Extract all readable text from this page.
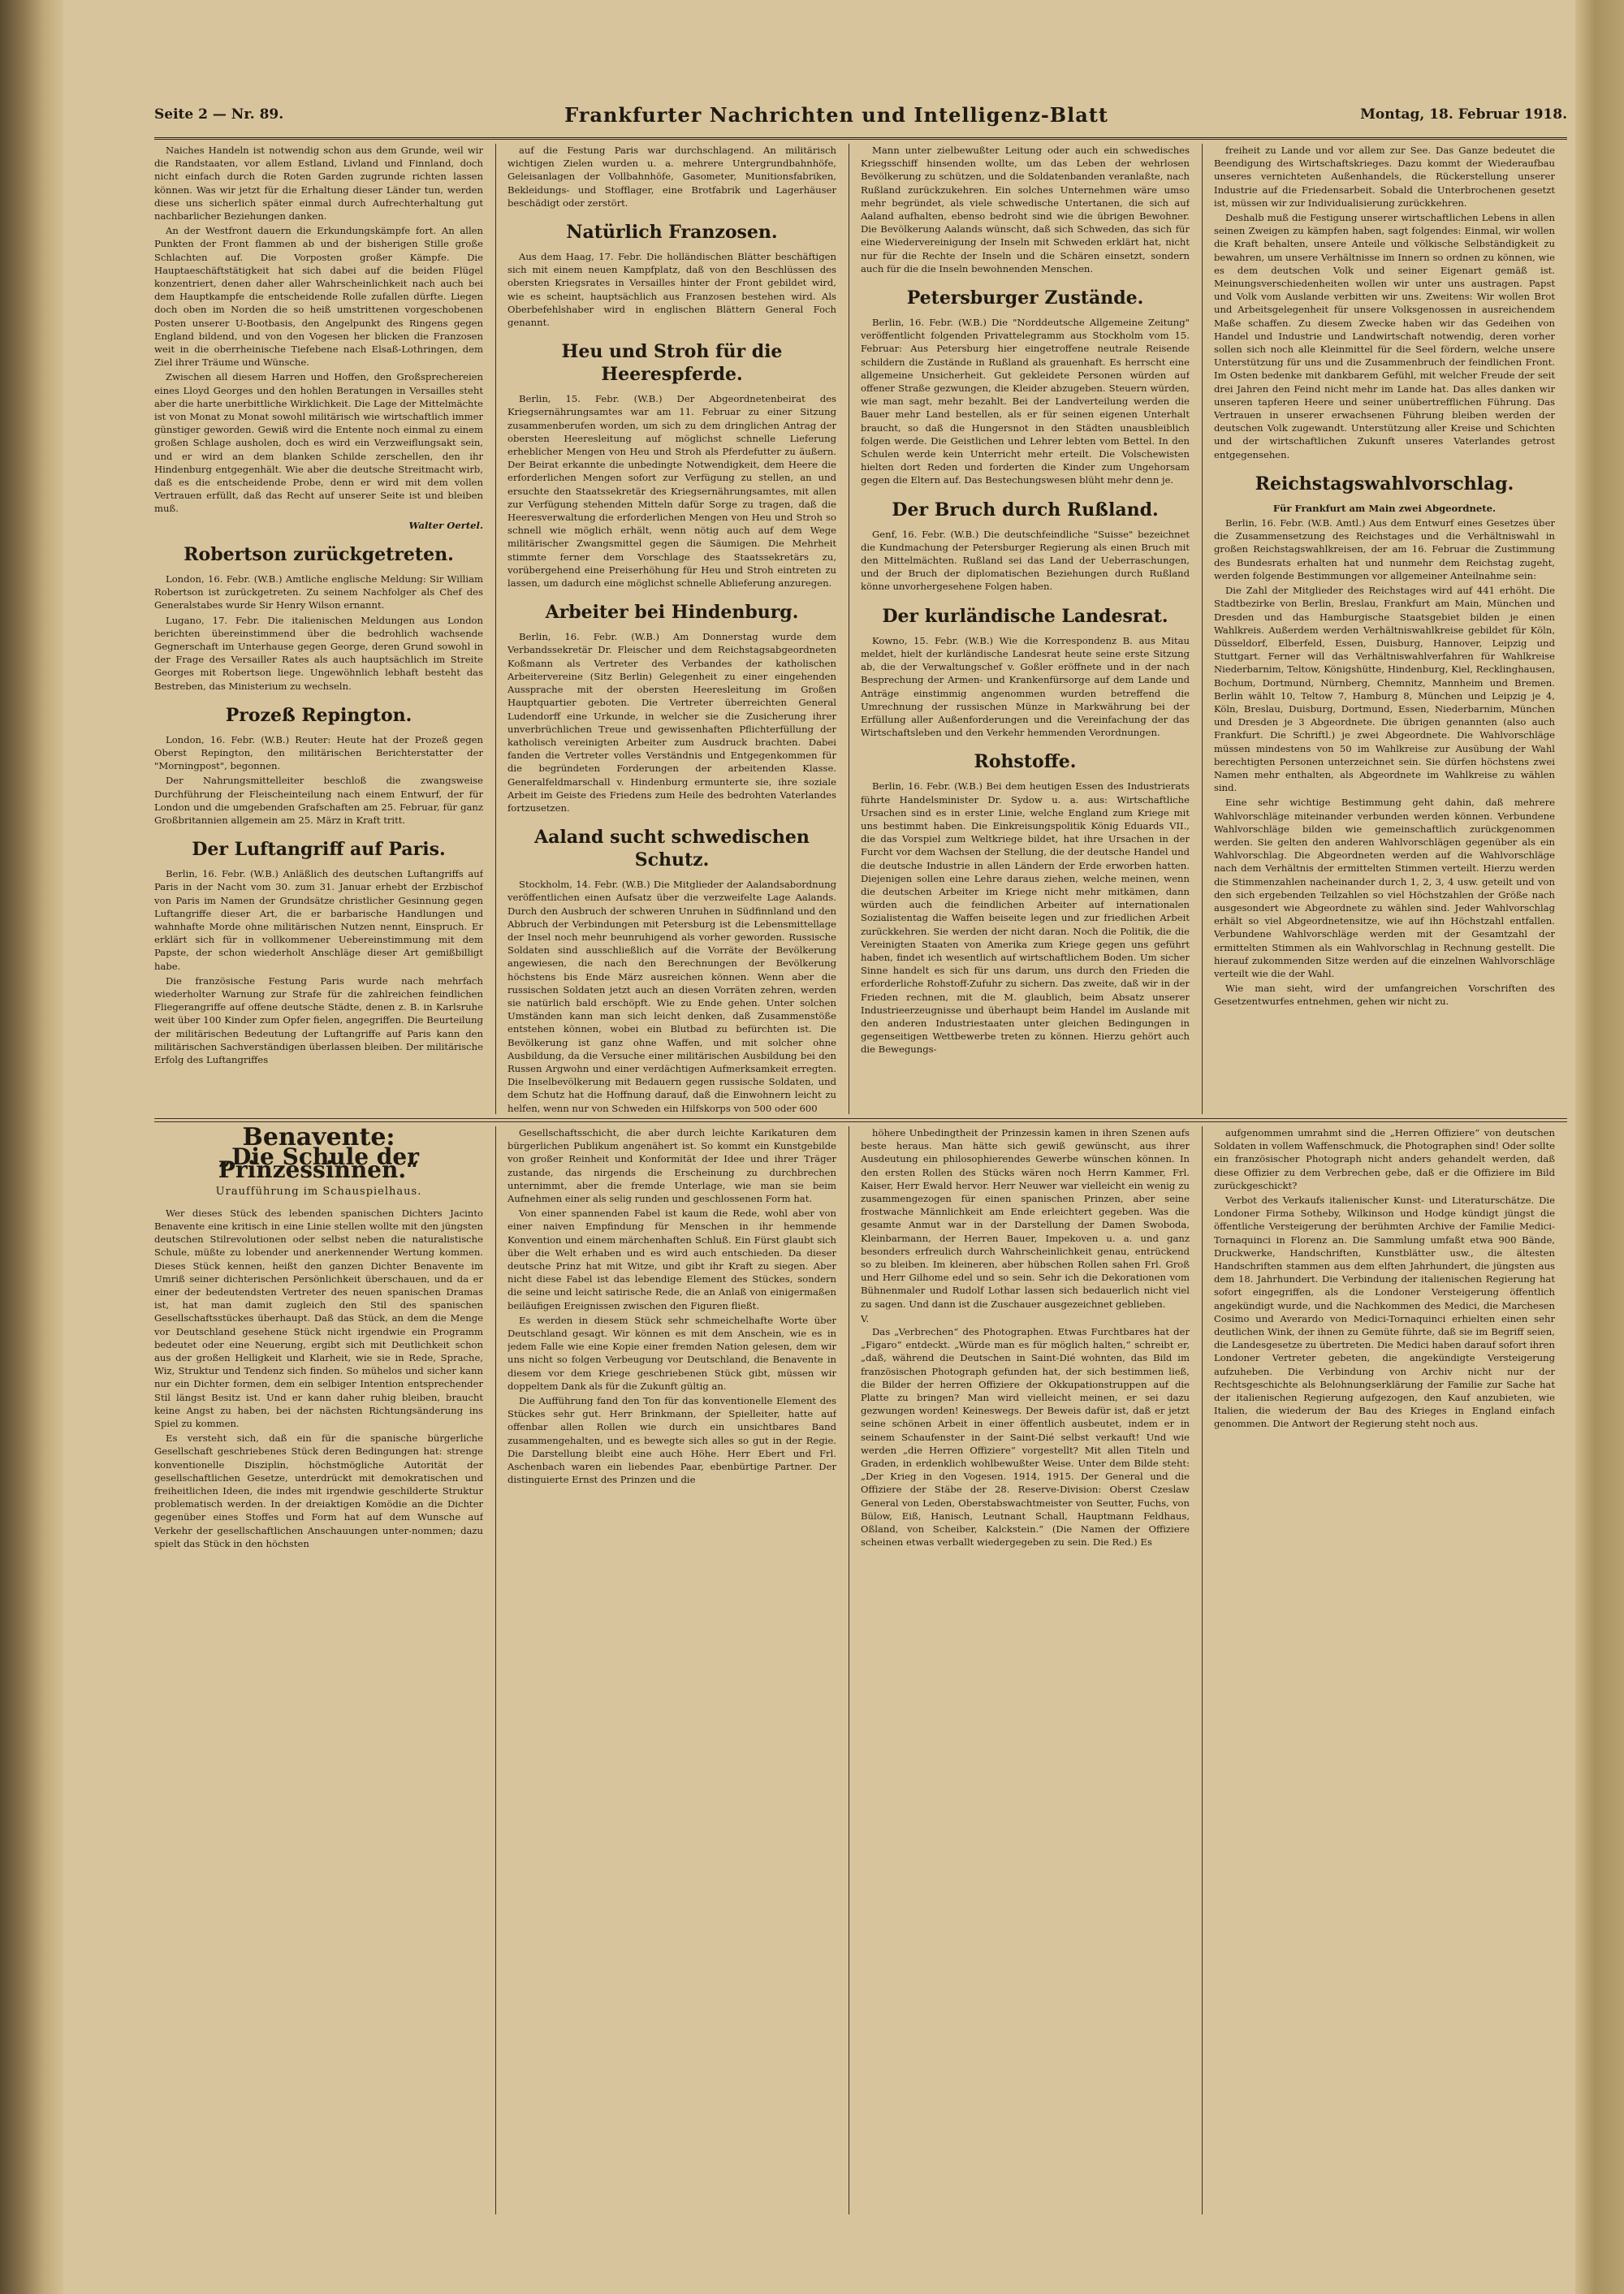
Seite 2 — Nr. 89.	Frankfurter Nachrichten und Intelligenz-Blatt	Montag, 18. Februar 1918.

Naiches Handeln ist notwendig schon aus dem Grunde, weil wir die Randstaaten, vor allem Estland, Livland und Finnland, doch nicht einfach durch die Roten Garden zugrunde richten lassen können. Was wir jetzt für die Erhaltung dieser Länder tun, werden diese uns sicherlich später einmal durch Aufrechterhaltung gut nachbarlicher Beziehungen danken.

An der Westfront dauern die Erkundungskämpfe fort. An allen Punkten der Front flammen ab und der bisherigen Stille große Schlachten auf. Die Vorposten großer Kämpfe. Die Hauptaeschäftstätigkeit hat sich dabei auf die beiden Flügel konzentriert, denen daher aller Wahrscheinlichkeit nach auch bei dem Hauptkampfe die entscheidende Rolle zufallen dürfte. Liegen doch oben im Norden die so heiß umstrittenen vorgeschobenen Posten unserer U-Bootbasis, den Angelpunkt des Ringens gegen England bildend, und von den Vogesen her blicken die Franzosen weit in die oberrheinische Tiefebene nach Elsaß-Lothringen, dem Ziel ihrer Träume und Wünsche.

Zwischen all diesem Harren und Hoffen, den Großsprechereien eines Lloyd Georges und den hohlen Beratungen in Versailles steht aber die harte unerbittliche Wirklichkeit. Die Lage der Mittelmächte ist von Monat zu Monat sowohl militärisch wie wirtschaftlich immer günstiger geworden. Gewiß wird die Entente noch einmal zu einem großen Schlage ausholen, doch es wird ein Verzweiflungsakt sein, und er wird an dem blanken Schilde zerschellen, den ihr Hindenburg entgegenhält. Wie aber die deutsche Streitmacht wirb, daß es die entscheidende Probe, denn er wird mit dem vollen Vertrauen erfüllt, daß das Recht auf unserer Seite ist und bleiben muß.

Walter Oertel.
Robertson zurückgetreten.

London, 16. Febr. (W.B.) Amtliche englische Meldung: Sir William Robertson ist zurückgetreten. Zu seinem Nachfolger als Chef des Generalstabes wurde Sir Henry Wilson ernannt.

Lugano, 17. Febr. Die italienischen Meldungen aus London berichten übereinstimmend über die bedrohlich wachsende Gegnerschaft im Unterhause gegen George, deren Grund sowohl in der Frage des Versailler Rates als auch hauptsächlich im Streite Georges mit Robertson liege. Ungewöhnlich lebhaft besteht das Bestreben, das Ministerium zu wechseln.

Prozeß Repington.

London, 16. Febr. (W.B.) Reuter: Heute hat der Prozeß gegen Oberst Repington, den militärischen Berichterstatter der "Morningpost", begonnen.

Der Nahrungsmittelleiter beschloß die zwangsweise Durchführung der Fleischeinteilung nach einem Entwurf, der für London und die umgebenden Grafschaften am 25. Februar, für ganz Großbritannien allgemein am 25. März in Kraft tritt.

Der Luftangriff auf Paris.

Berlin, 16. Febr. (W.B.) Anläßlich des deutschen Luftangriffs auf Paris in der Nacht vom 30. zum 31. Januar erhebt der Erzbischof von Paris im Namen der Grundsätze christlicher Gesinnung gegen Luftangriffe dieser Art, die er barbarische Handlungen und wahnhafte Morde ohne militärischen Nutzen nennt, Einspruch. Er erklärt sich für in vollkommener Uebereinstimmung mit dem Papste, der schon wiederholt Anschläge dieser Art gemißbilligt habe.

Die französische Festung Paris wurde nach mehrfach wiederholter Warnung zur Strafe für die zahlreichen feindlichen Fliegerangriffe auf offene deutsche Städte, denen z. B. in Karlsruhe weit über 100 Kinder zum Opfer fielen, angegriffen. Die Beurteilung der militärischen Bedeutung der Luftangriffe auf Paris kann den militärischen Sachverständigen überlassen bleiben. Der militärische Erfolg des Luftangriffes

auf die Festung Paris war durchschlagend. An militärisch wichtigen Zielen wurden u. a. mehrere Untergrundbahnhöfe, Geleisanlagen der Vollbahnhöfe, Gasometer, Munitionsfabriken, Bekleidungs- und Stofflager, eine Brotfabrik und Lagerhäuser beschädigt oder zerstört.

Natürlich Franzosen.

Aus dem Haag, 17. Febr. Die holländischen Blätter beschäftigen sich mit einem neuen Kampfplatz, daß von den Beschlüssen des obersten Kriegsrates in Versailles hinter der Front gebildet wird, wie es scheint, hauptsächlich aus Franzosen bestehen wird. Als Oberbefehlshaber wird in englischen Blättern General Foch genannt.

Heu und Stroh für die Heerespferde.

Berlin, 15. Febr. (W.B.) Der Abgeordnetenbeirat des Kriegsernährungsamtes war am 11. Februar zu einer Sitzung zusammenberufen worden, um sich zu dem dringlichen Antrag der obersten Heeresleitung auf möglichst schnelle Lieferung erheblicher Mengen von Heu und Stroh als Pferdefutter zu äußern. Der Beirat erkannte die unbedingte Notwendigkeit, dem Heere die erforderlichen Mengen sofort zur Verfügung zu stellen, an und ersuchte den Staatssekretär des Kriegsernährungsamtes, mit allen zur Verfügung stehenden Mitteln dafür Sorge zu tragen, daß die Heeresverwaltung die erforderlichen Mengen von Heu und Stroh so schnell wie möglich erhält, wenn nötig auch auf dem Wege militärischer Zwangsmittel gegen die Säumigen. Die Mehrheit stimmte ferner dem Vorschlage des Staatssekretärs zu, vorübergehend eine Preiserhöhung für Heu und Stroh eintreten zu lassen, um dadurch eine möglichst schnelle Ablieferung anzuregen.

Arbeiter bei Hindenburg.

Berlin, 16. Febr. (W.B.) Am Donnerstag wurde dem Verbandssekretär Dr. Fleischer und dem Reichstagsabgeordneten Koßmann als Vertreter des Verbandes der katholischen Arbeitervereine (Sitz Berlin) Gelegenheit zu einer eingehenden Aussprache mit der obersten Heeresleitung im Großen Hauptquartier geboten. Die Vertreter überreichten General Ludendorff eine Urkunde, in welcher sie die Zusicherung ihrer unverbrüchlichen Treue und gewissenhaften Pflichterfüllung der katholisch vereinigten Arbeiter zum Ausdruck brachten. Dabei fanden die Vertreter volles Verständnis und Entgegenkommen für die begründeten Forderungen der arbeitenden Klasse. Generalfeldmarschall v. Hindenburg ermunterte sie, ihre soziale Arbeit im Geiste des Friedens zum Heile des bedrohten Vaterlandes fortzusetzen.

Aaland sucht schwedischen Schutz.

Stockholm, 14. Febr. (W.B.) Die Mitglieder der Aalandsabordnung veröffentlichen einen Aufsatz über die verzweifelte Lage Aalands. Durch den Ausbruch der schweren Unruhen in Südfinnland und den Abbruch der Verbindungen mit Petersburg ist die Lebensmittellage der Insel noch mehr beunruhigend als vorher geworden. Russische Soldaten sind ausschließlich auf die Vorräte der Bevölkerung angewiesen, die nach den Berechnungen der Bevölkerung höchstens bis Ende März ausreichen können. Wenn aber die russischen Soldaten jetzt auch an diesen Vorräten zehren, werden sie natürlich bald erschöpft. Wie zu Ende gehen. Unter solchen Umständen kann man sich leicht denken, daß Zusammenstöße entstehen können, wobei ein Blutbad zu befürchten ist. Die Bevölkerung ist ganz ohne Waffen, und mit solcher ohne Ausbildung, da die Versuche einer militärischen Ausbildung bei den Russen Argwohn und einer verdächtigen Aufmerksamkeit erregten. Die Inselbevölkerung mit Bedauern gegen russische Soldaten, und dem Schutz hat die Hoffnung darauf, daß die Einwohnern leicht zu helfen, wenn nur von Schweden ein Hilfskorps von 500 oder 600

Mann unter zielbewußter Leitung oder auch ein schwedisches Kriegsschiff hinsenden wollte, um das Leben der wehrlosen Bevölkerung zu schützen, und die Soldatenbanden veranlaßte, nach Rußland zurückzukehren. Ein solches Unternehmen wäre umso mehr begründet, als viele schwedische Untertanen, die sich auf Aaland aufhalten, ebenso bedroht sind wie die übrigen Bewohner. Die Bevölkerung Aalands wünscht, daß sich Schweden, das sich für eine Wiedervereinigung der Inseln mit Schweden erklärt hat, nicht nur für die Rechte der Inseln und die Schären einsetzt, sondern auch für die die Inseln bewohnenden Menschen.

Petersburger Zustände.

Berlin, 16. Febr. (W.B.) Die "Norddeutsche Allgemeine Zeitung" veröffentlicht folgenden Privattelegramm aus Stockholm vom 15. Februar: Aus Petersburg hier eingetroffene neutrale Reisende schildern die Zustände in Rußland als grauenhaft. Es herrscht eine allgemeine Unsicherheit. Gut gekleidete Personen würden auf offener Straße gezwungen, die Kleider abzugeben. Steuern würden, wie man sagt, mehr bezahlt. Bei der Landverteilung werden die Bauer mehr Land bestellen, als er für seinen eigenen Unterhalt braucht, so daß die Hungersnot in den Städten unausbleiblich folgen werde. Die Geistlichen und Lehrer lebten vom Bettel. In den Schulen werde kein Unterricht mehr erteilt. Die Volschewisten hielten dort Reden und forderten die Kinder zum Ungehorsam gegen die Eltern auf. Das Bestechungswesen blüht mehr denn je.

Der Bruch durch Rußland.

Genf, 16. Febr. (W.B.) Die deutschfeindliche "Suisse" bezeichnet die Kundmachung der Petersburger Regierung als einen Bruch mit den Mittelmächten. Rußland sei das Land der Ueberraschungen, und der Bruch der diplomatischen Beziehungen durch Rußland könne unvorhergesehene Folgen haben.

Der kurländische Landesrat.

Kowno, 15. Febr. (W.B.) Wie die Korrespondenz B. aus Mitau meldet, hielt der kurländische Landesrat heute seine erste Sitzung ab, die der Verwaltungschef v. Goßler eröffnete und in der nach Besprechung der Armen- und Krankenfürsorge auf dem Lande und Anträge einstimmig angenommen wurden betreffend die Umrechnung der russischen Münze in Markwährung bei der Erfüllung aller Außenforderungen und die Vereinfachung der das Wirtschaftsleben und den Verkehr hemmenden Verordnungen.

Rohstoffe.

Berlin, 16. Febr. (W.B.) Bei dem heutigen Essen des Industrierats führte Handelsminister Dr. Sydow u. a. aus: Wirtschaftliche Ursachen sind es in erster Linie, welche England zum Kriege mit uns bestimmt haben. Die Einkreisungspolitik König Eduards VII., die das Vorspiel zum Weltkriege bildet, hat ihre Ursachen in der Furcht vor dem Wachsen der Stellung, die der deutsche Handel und die deutsche Industrie in allen Ländern der Erde erworben hatten. Diejenigen sollen eine Lehre daraus ziehen, welche meinen, wenn die deutschen Arbeiter im Kriege nicht mehr mitkämen, dann würden auch die feindlichen Arbeiter auf internationalen Sozialistentag die Waffen beiseite legen und zur friedlichen Arbeit zurückkehren. Sie werden der nicht daran. Noch die Politik, die die Vereinigten Staaten von Amerika zum Kriege gegen uns geführt haben, findet ich wesentlich auf wirtschaftlichem Boden. Um sicher Sinne handelt es sich für uns darum, uns durch den Frieden die erforderliche Rohstoff-Zufuhr zu sichern. Das zweite, daß wir in der Frieden rechnen, mit die M. glaublich, beim Absatz unserer Industrieerzeugnisse und überhaupt beim Handel im Auslande mit den anderen Industriestaaten unter gleichen Bedingungen in gegenseitigen Wettbewerbe treten zu können. Hierzu gehört auch die Bewegungs-

freiheit zu Lande und vor allem zur See. Das Ganze bedeutet die Beendigung des Wirtschaftskrieges. Dazu kommt der Wiederaufbau unseres vernichteten Außenhandels, die Rückerstellung unserer Industrie auf die Friedensarbeit. Sobald die Unterbrochenen gesetzt ist, müssen wir zur Individualisierung zurückkehren.

Deshalb muß die Festigung unserer wirtschaftlichen Lebens in allen seinen Zweigen zu kämpfen haben, sagt folgendes: Einmal, wir wollen die Kraft behalten, unsere Anteile und völkische Selbständigkeit zu bewahren, um unsere Verhältnisse im Innern so ordnen zu können, wie es dem deutschen Volk und seiner Eigenart gemäß ist. Meinungsverschiedenheiten wollen wir unter uns austragen. Papst und Volk vom Auslande verbitten wir uns. Zweitens: Wir wollen Brot und Arbeitsgelegenheit für unsere Volksgenossen in ausreichendem Maße schaffen. Zu diesem Zwecke haben wir das Gedeihen von Handel und Industrie und Landwirtschaft notwendig, deren vorher sollen sich noch alle Kleinmittel für die Seel fördern, welche unsere Unterstützung für uns und die Zusammenbruch der feindlichen Front. Im Osten bedenke mit dankbarem Gefühl, mit welcher Freude der seit drei Jahren den Feind nicht mehr im Lande hat. Das alles danken wir unseren tapferen Heere und seiner unübertrefflichen Führung. Das Vertrauen in unserer erwachsenen Führung bleiben werden der deutschen Volk zugewandt. Unterstützung aller Kreise und Schichten und der wirtschaftlichen Zukunft unseres Vaterlandes getrost entgegensehen.

Reichstagswahlvorschlag.

Für Frankfurt am Main zwei Abgeordnete.

Berlin, 16. Febr. (W.B. Amtl.) Aus dem Entwurf eines Gesetzes über die Zusammensetzung des Reichstages und die Verhältniswahl in großen Reichstagswahlkreisen, der am 16. Februar die Zustimmung des Bundesrats erhalten hat und nunmehr dem Reichstag zugeht, werden folgende Bestimmungen vor allgemeiner Anteilnahme sein:

Die Zahl der Mitglieder des Reichstages wird auf 441 erhöht. Die Stadtbezirke von Berlin, Breslau, Frankfurt am Main, München und Dresden und das Hamburgische Staatsgebiet bilden je einen Wahlkreis. Außerdem werden Verhältniswahlkreise gebildet für Köln, Düsseldorf, Elberfeld, Essen, Duisburg, Hannover, Leipzig und Stuttgart. Ferner will das Verhältniswahlverfahren für Wahlkreise Niederbarnim, Teltow, Königshütte, Hindenburg, Kiel, Recklinghausen, Bochum, Dortmund, Nürnberg, Chemnitz, Mannheim und Bremen. Berlin wählt 10, Teltow 7, Hamburg 8, München und Leipzig je 4, Köln, Breslau, Duisburg, Dortmund, Essen, Niederbarnim, München und Dresden je 3 Abgeordnete. Die übrigen genannten (also auch Frankfurt. Die Schriftl.) je zwei Abgeordnete. Die Wahlvorschläge müssen mindestens von 50 im Wahlkreise zur Ausübung der Wahl berechtigten Personen unterzeichnet sein. Sie dürfen höchstens zwei Namen mehr enthalten, als Abgeordnete im Wahlkreise zu wählen sind.

Eine sehr wichtige Bestimmung geht dahin, daß mehrere Wahlvorschläge miteinander verbunden werden können. Verbundene Wahlvorschläge bilden wie gemeinschaftlich zurückgenommen werden. Sie gelten den anderen Wahlvorschlägen gegenüber als ein Wahlvorschlag. Die Abgeordneten werden auf die Wahlvorschläge nach dem Verhältnis der ermittelten Stimmen verteilt. Hierzu werden die Stimmenzahlen nacheinander durch 1, 2, 3, 4 usw. geteilt und von den sich ergebenden Teilzahlen so viel Höchstzahlen der Größe nach ausgesondert wie Abgeordnete zu wählen sind. Jeder Wahlvorschlag erhält so viel Abgeordnetensitze, wie auf ihn Höchstzahl entfallen. Verbundene Wahlvorschläge werden mit der Gesamtzahl der ermittelten Stimmen als ein Wahlvorschlag in Rechnung gestellt. Die hierauf zukommenden Sitze werden auf die einzelnen Wahlvorschläge verteilt wie die der Wahl.

Wie man sieht, wird der umfangreichen Vorschriften des Gesetzentwurfes entnehmen, gehen wir nicht zu.

Benavente:
„Die Schule der Prinzessinnen.“
Uraufführung im Schauspielhaus.

Wer dieses Stück des lebenden spanischen Dichters Jacinto Benavente eine kritisch in eine Linie stellen wollte mit den jüngsten deutschen Stilrevolutionen oder selbst neben die naturalistische Schule, müßte zu lobender und anerkennender Wertung kommen. Dieses Stück kennen, heißt den ganzen Dichter Benavente im Umriß seiner dichterischen Persönlichkeit überschauen, und da er einer der bedeutendsten Vertreter des neuen spanischen Dramas ist, hat man damit zugleich den Stil des spanischen Gesellschaftsstückes überhaupt. Daß das Stück, an dem die Menge vor Deutschland gesehene Stück nicht irgendwie ein Programm bedeutet oder eine Neuerung, ergibt sich mit Deutlichkeit schon aus der großen Helligkeit und Klarheit, wie sie in Rede, Sprache, Wiz, Struktur und Tendenz sich finden. So mühelos und sicher kann nur ein Dichter formen, dem ein selbiger Intention entsprechender Stil längst Besitz ist. Und er kann daher ruhig bleiben, braucht keine Angst zu haben, bei der nächsten Richtungsänderung ins Spiel zu kommen.

Es versteht sich, daß ein für die spanische bürgerliche Gesellschaft geschriebenes Stück deren Bedingungen hat: strenge konventionelle Disziplin, höchstmögliche Autorität der gesellschaftlichen Gesetze, unterdrückt mit demokratischen und freiheitlichen Ideen, die indes mit irgendwie geschilderte Struktur problematisch werden. In der dreiaktigen Komödie an die Dichter gegenüber eines Stoffes und Form hat auf dem Wunsche auf Verkehr der gesellschaftlichen Anschauungen unter-nommen; dazu spielt das Stück in den höchsten

Gesellschaftsschicht, die aber durch leichte Karikaturen dem bürgerlichen Publikum angenähert ist. So kommt ein Kunstgebilde von großer Reinheit und Konformität der Idee und ihrer Träger zustande, das nirgends die Erscheinung zu durchbrechen unternimmt, aber die fremde Unterlage, wie man sie beim Aufnehmen einer als selig runden und geschlossenen Form hat.

Von einer spannenden Fabel ist kaum die Rede, wohl aber von einer naiven Empfindung für Menschen in ihr hemmende Konvention und einem märchenhaften Schluß. Ein Fürst glaubt sich über die Welt erhaben und es wird auch entschieden. Da dieser deutsche Prinz hat mit Witze, und gibt ihr Kraft zu siegen. Aber nicht diese Fabel ist das lebendige Element des Stückes, sondern die seine und leicht satirische Rede, die an Anlaß von einigermaßen beiläufigen Ereignissen zwischen den Figuren fließt.

Es werden in diesem Stück sehr schmeichelhafte Worte über Deutschland gesagt. Wir können es mit dem Anschein, wie es in jedem Falle wie eine Kopie einer fremden Nation gelesen, dem wir uns nicht so folgen Verbeugung vor Deutschland, die Benavente in diesem vor dem Kriege geschriebenen Stück gibt, müssen wir doppeltem Dank als für die Zukunft gültig an.

Die Aufführung fand den Ton für das konventionelle Element des Stückes sehr gut. Herr Brinkmann, der Spielleiter, hatte auf offenbar allen Rollen wie durch ein unsichtbares Band zusammengehalten, und es bewegte sich alles so gut in der Regie. Die Darstellung bleibt eine auch Höhe. Herr Ebert und Frl. Aschenbach waren ein liebendes Paar, ebenbürtige Partner. Der distinguierte Ernst des Prinzen und die

höhere Unbedingtheit der Prinzessin kamen in ihren Szenen aufs beste heraus. Man hätte sich gewiß gewünscht, aus ihrer Ausdeutung ein philosophierendes Gewerbe wünschen können. In den ersten Rollen des Stücks wären noch Herrn Kammer, Frl. Kaiser, Herr Ewald hervor. Herr Neuwer war vielleicht ein wenig zu zusammengezogen für einen spanischen Prinzen, aber seine frostwache Männlichkeit am Ende erleichtert gegeben. Was die gesamte Anmut war in der Darstellung der Damen Swoboda, Kleinbarmann, der Herren Bauer, Impekoven u. a. und ganz besonders erfreulich durch Wahrscheinlichkeit genau, entrückend so zu bleiben. Im kleineren, aber hübschen Rollen sahen Frl. Groß und Herr Gilhome edel und so sein. Sehr ich die Dekorationen vom Bühnenmaler und Rudolf Lothar lassen sich bedauerlich nicht viel zu sagen. Und dann ist die Zuschauer ausgezeichnet geblieben.

V.

Das „Verbrechen“ des Photographen. Etwas Furchtbares hat der „Figaro“ entdeckt. „Würde man es für möglich halten,“ schreibt er, „daß, während die Deutschen in Saint-Dié wohnten, das Bild im französischen Photograph gefunden hat, der sich bestimmen ließ, die Bilder der herren Offiziere der Okkupationstruppen auf die Platte zu bringen? Man wird vielleicht meinen, er sei dazu gezwungen worden! Keineswegs. Der Beweis dafür ist, daß er jetzt seine schönen Arbeit in einer öffentlich ausbeutet, indem er in seinem Schaufenster in der Saint-Dié selbst verkauft! Und wie werden „die Herren Offiziere“ vorgestellt? Mit allen Titeln und Graden, in erdenklich wohlbewußter Weise. Unter dem Bilde steht: „Der Krieg in den Vogesen. 1914, 1915. Der General und die Offiziere der Stäbe der 28. Reserve-Division: Oberst Czeslaw General von Leden, Oberstabswachtmeister von Seutter, Fuchs, von Bülow, Eiß, Hanisch, Leutnant Schall, Hauptmann Feldhaus, Oßland, von Scheiber, Kalckstein.“ (Die Namen der Offiziere scheinen etwas verballt wiedergegeben zu sein. Die Red.) Es

aufgenommen umrahmt sind die „Herren Offiziere“ von deutschen Soldaten in vollem Waffenschmuck, die Photographen sind! Oder sollte ein französischer Photograph nicht anders gehandelt werden, daß diese Offizier zu dem Verbrechen gebe, daß er die Offiziere im Bild zurückgeschickt?

Verbot des Verkaufs italienischer Kunst- und Literaturschätze. Die Londoner Firma Sotheby, Wilkinson und Hodge kündigt jüngst die öffentliche Versteigerung der berühmten Archive der Familie Medici-Tornaquinci in Florenz an. Die Sammlung umfaßt etwa 900 Bände, Druckwerke, Handschriften, Kunstblätter usw., die ältesten Handschriften stammen aus dem elften Jahrhundert, die jüngsten aus dem 18. Jahrhundert. Die Verbindung der italienischen Regierung hat sofort eingegriffen, als die Londoner Versteigerung öffentlich angekündigt wurde, und die Nachkommen des Medici, die Marchesen Cosimo und Averardo von Medici-Tornaquinci erhielten einen sehr deutlichen Wink, der ihnen zu Gemüte führte, daß sie im Begriff seien, die Landesgesetze zu übertreten. Die Medici haben darauf sofort ihren Londoner Vertreter gebeten, die angekündigte Versteigerung aufzuheben. Die Verbindung von Archiv nicht nur der Rechtsgeschichte als Belohnungserklärung der Familie zur Sache hat der italienischen Regierung aufgezogen, den Kauf anzubieten, wie Italien, die wiederum der Bau des Krieges in England einfach genommen. Die Antwort der Regierung steht noch aus.
